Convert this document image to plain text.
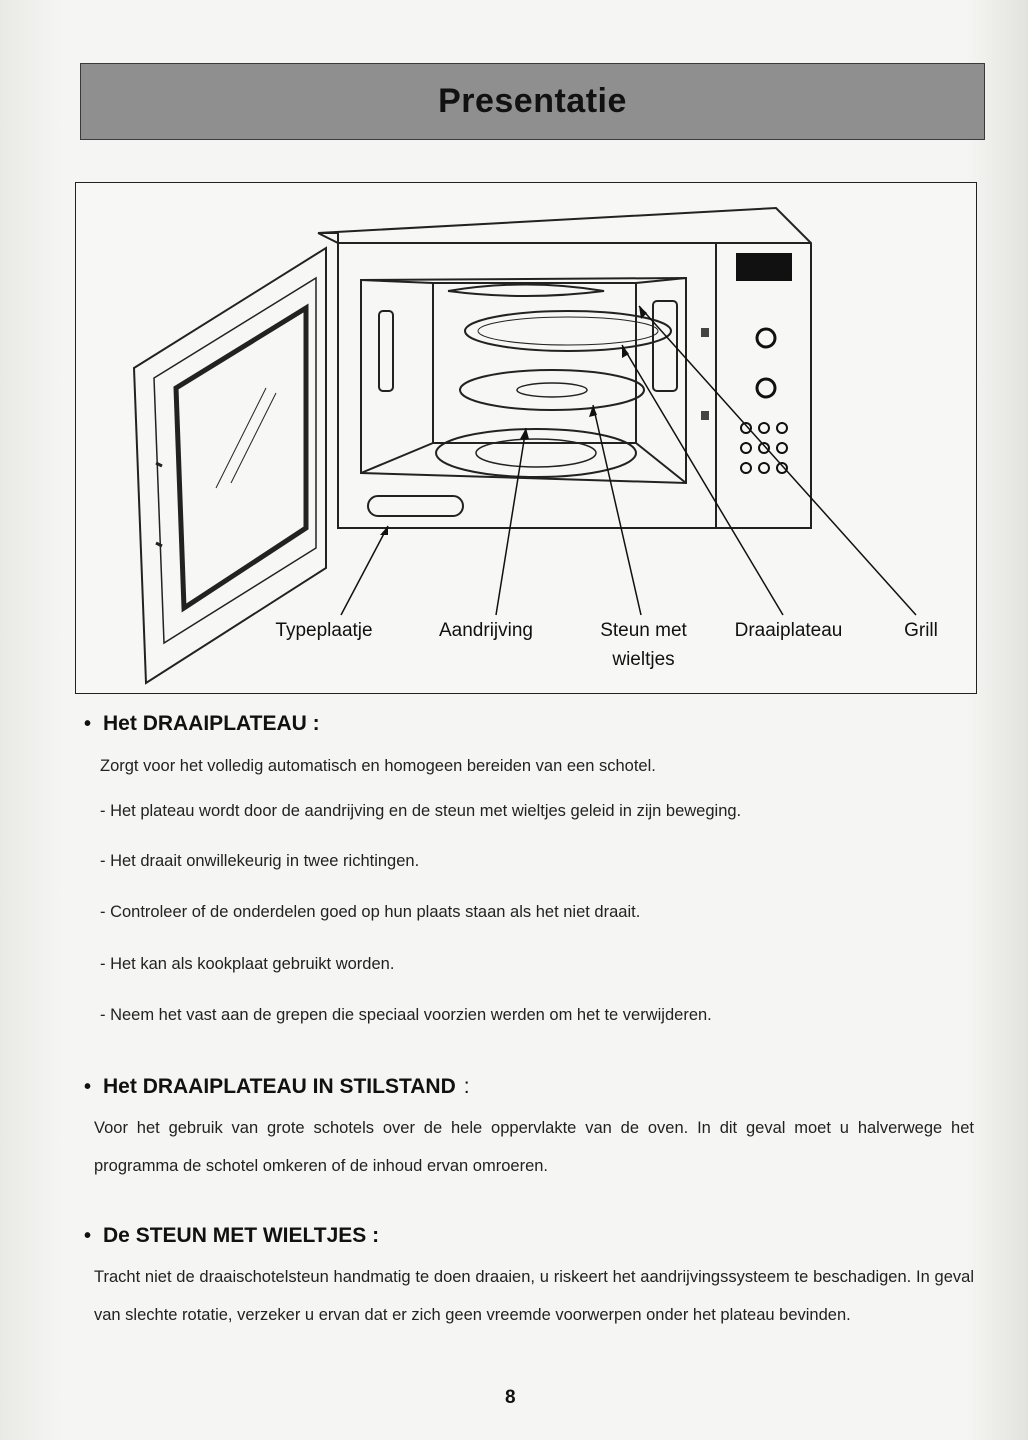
Presentatie
Typeplaatje	Aandrijving	Steun met
wieltjes
Draaiplateau	Grill

• Het DRAAIPLATEAU :

Zorgt voor het volledig automatisch en homogeen bereiden van een schotel.

- Het plateau wordt door de aandrijving en de steun met wieltjes geleid in zijn beweging.

- Het draait onwillekeurig in twee richtingen.

- Controleer of de onderdelen goed op hun plaats staan als het niet draait.

- Het kan als kookplaat gebruikt worden.

- Neem het vast aan de grepen die speciaal voorzien werden om het te verwijderen.

• Het DRAAIPLATEAU IN STILSTAND :

Voor het gebruik van grote schotels over de hele oppervlakte van de oven. In dit geval moet u halverwege het programma de schotel omkeren of de inhoud ervan omroeren.

• De STEUN MET WIELTJES :

Tracht niet de draaischotelsteun handmatig te doen draaien, u riskeert het aandrijvingssysteem te beschadigen. In geval van slechte rotatie, verzeker u ervan dat er zich geen vreemde voorwerpen onder het plateau bevinden.

8
